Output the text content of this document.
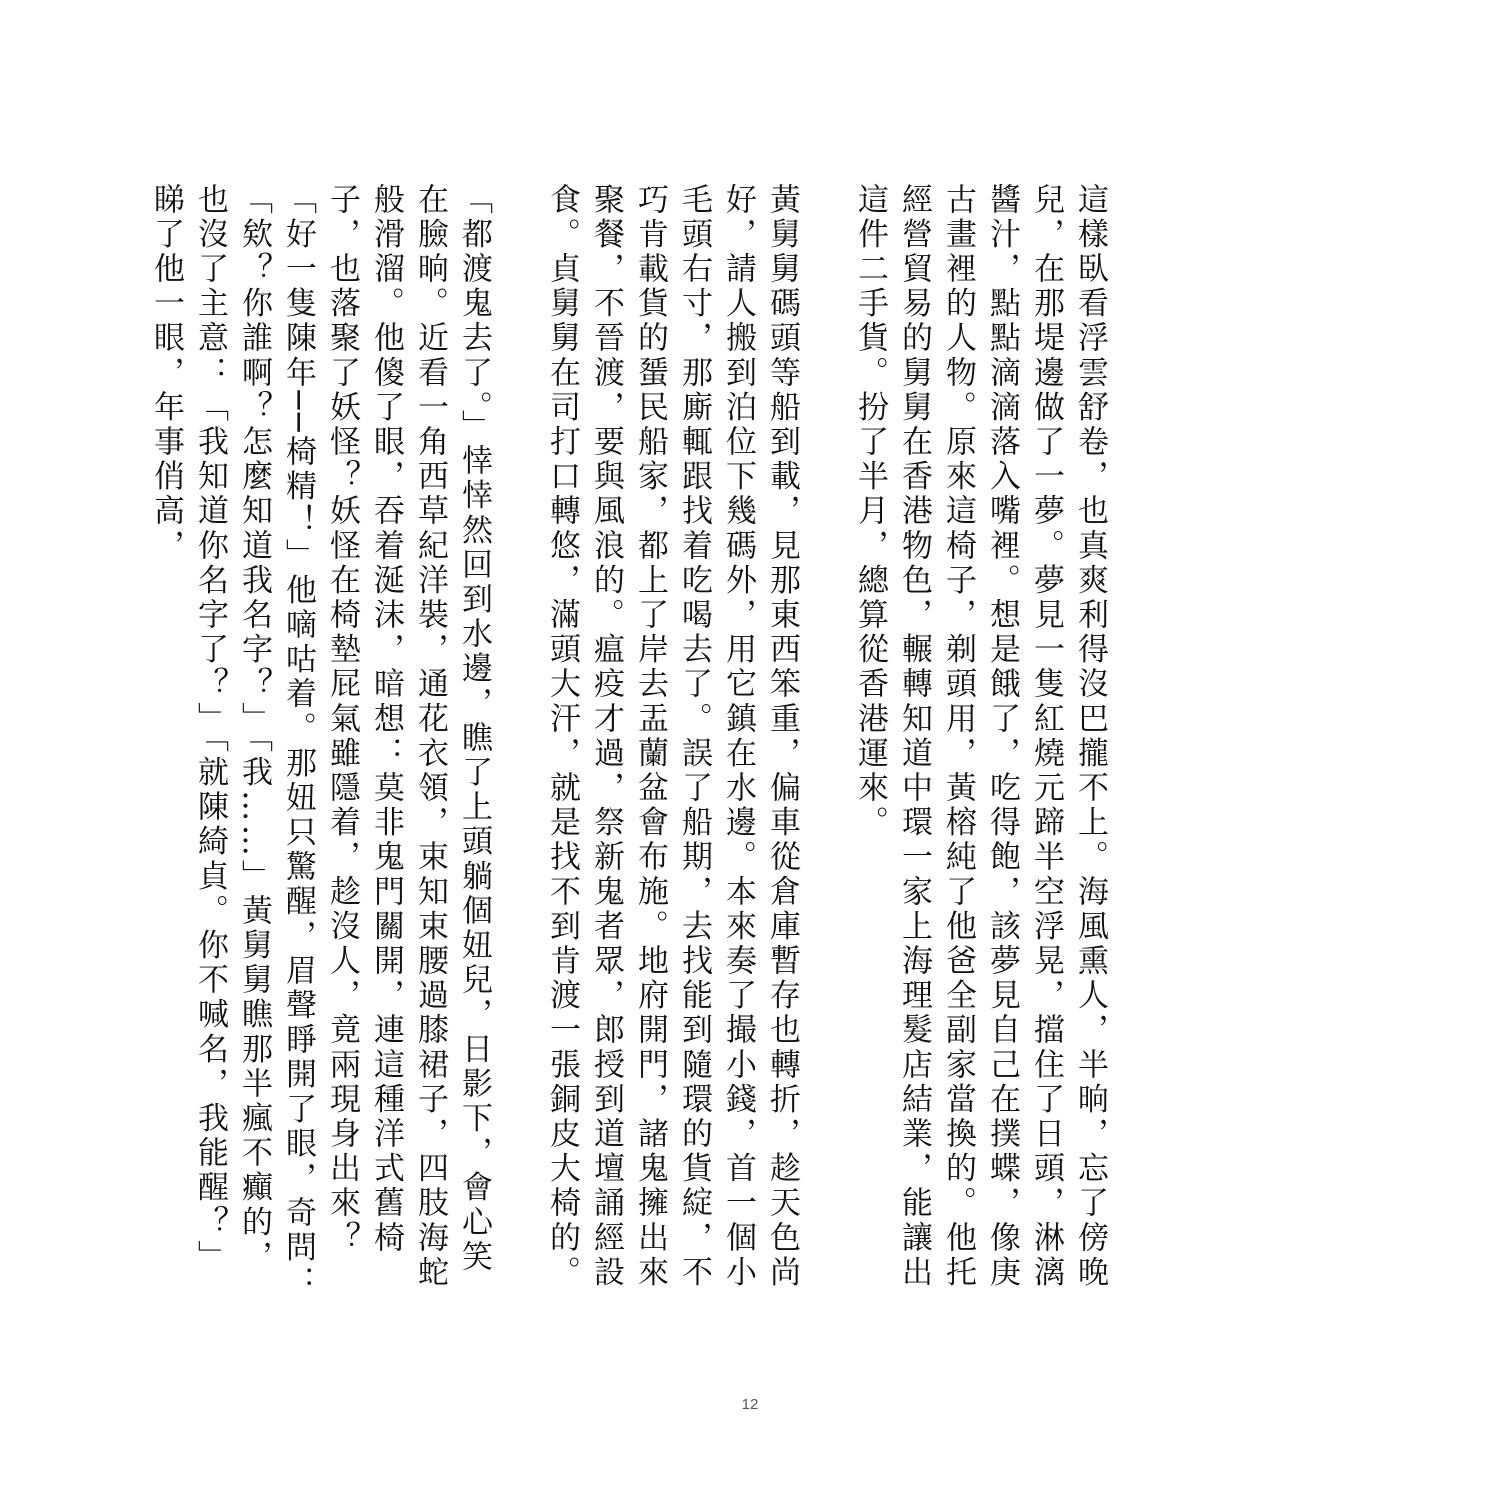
這樣臥看浮雲舒卷，也真爽利得沒巴攏不上。海風熏人，半晌，忘了傍晚兒，在那堤邊做了一夢。夢見一隻紅燒元蹄半空浮晃，擋住了日頭，淋漓醬汁，點點滴滴落入嘴裡。想是餓了，吃得飽，該夢見自己在撲蝶，像庚古畫裡的人物。原來這椅子，剃頭用，黃榕純了他爸全副家當換的。他托經營貿易的舅舅在香港物色，輾轉知道中環一家上海理髮店結業，能讓出這件二手貨。扮了半月，總算從香港運來。

黃舅舅碼頭等船到載，見那東西笨重，偏車從倉庫暫存也轉折，趁天色尚好，請人搬到泊位下幾碼外，用它鎮在水邊。本來奏了撮小錢，首一個小毛頭右寸，那廝輒跟找着吃喝去了。誤了船期，去找能到隨環的貨綻，不巧肯載貨的蜑民船家，都上了岸去盂蘭盆會布施。地府開門，諸鬼擁出來聚餐，不晉渡，要與風浪的。瘟疫才過，祭新鬼者眾，郎授到道壇誦經設食。貞舅舅在司打口轉悠，滿頭大汗，就是找不到肯渡一張銅皮大椅的。

「都渡鬼去了。」悻悻然回到水邊，瞧了上頭躺個妞兒，日影下，會心笑在臉晌。近看一角西草紀洋裝，通花衣領，束知束腰過膝裙子，四肢海蛇般滑溜。他傻了眼，吞着涎沫，暗想：莫非鬼門關開，連這種洋式舊椅子，也落聚了妖怪？妖怪在椅墊屁氣雖隱着，趁沒人，竟兩現身出來？「好一隻陳年──椅精！」他嘀咕着。那妞只驚醒，眉聲睜開了眼，奇問：「欸？你誰啊？怎麼知道我名字？」「我……」黃舅舅瞧那半瘋不癲的，也沒了主意：「我知道你名字了？」「就陳綺貞。你不喊名，我能醒？」睇了他一眼，年事俏高，

12
